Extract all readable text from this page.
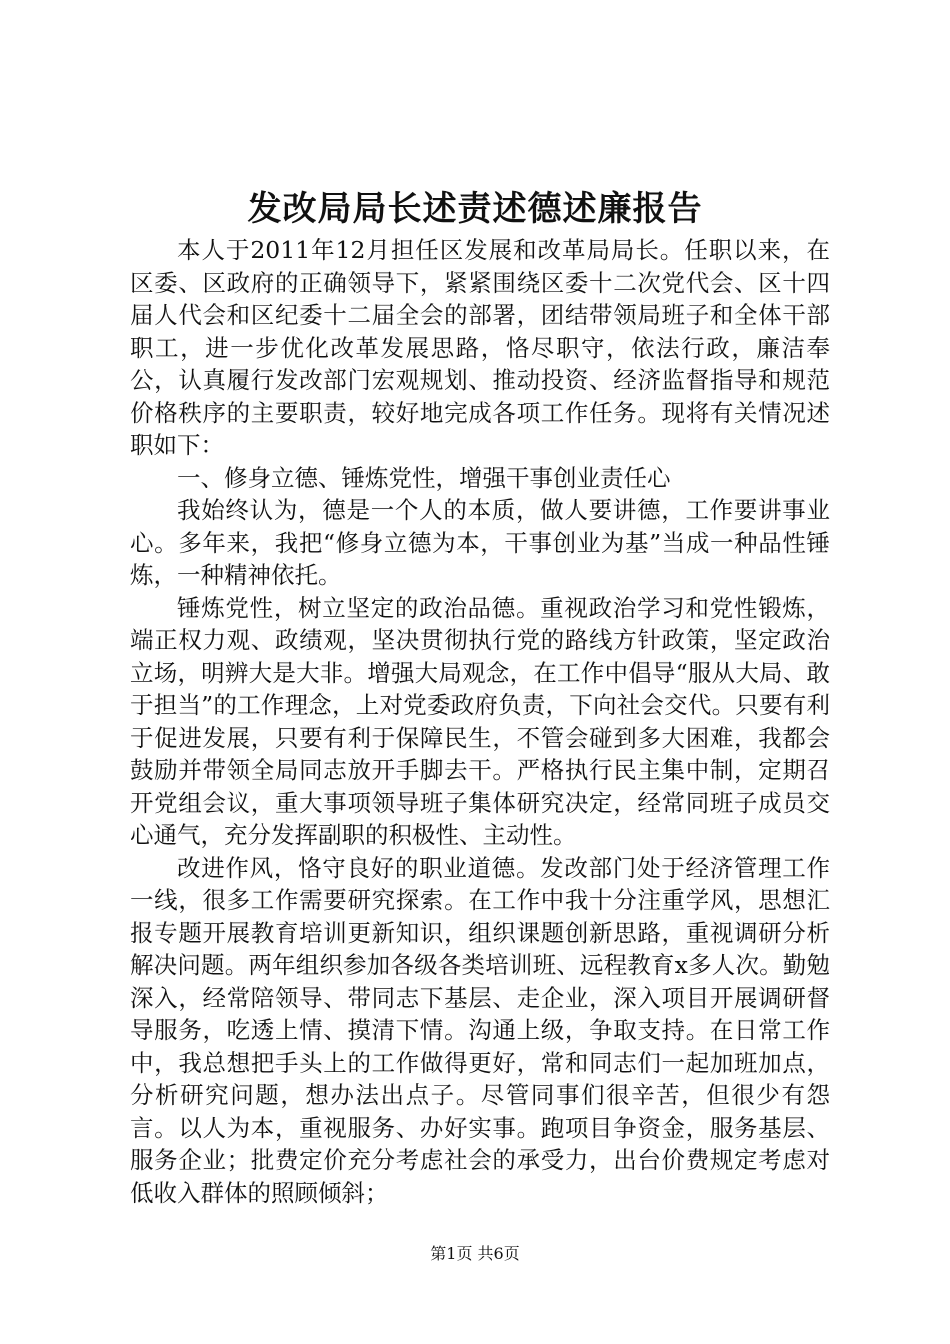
发改局局长述责述德述廉报告

本人于2011年12月担任区发展和改革局局长。任职以来，在区委、区政府的正确领导下，紧紧围绕区委十二次党代会、区十四届人代会和区纪委十二届全会的部署，团结带领局班子和全体干部职工，进一步优化改革发展思路，恪尽职守，依法行政，廉洁奉公，认真履行发改部门宏观规划、推动投资、经济监督指导和规范价格秩序的主要职责，较好地完成各项工作任务。现将有关情况述职如下：

一、修身立德、锤炼党性，增强干事创业责任心

我始终认为，德是一个人的本质，做人要讲德，工作要讲事业心。多年来，我把“修身立德为本，干事创业为基”当成一种品性锤炼，一种精神依托。

锤炼党性，树立坚定的政治品德。重视政治学习和党性锻炼，端正权力观、政绩观，坚决贯彻执行党的路线方针政策，坚定政治立场，明辨大是大非。增强大局观念，在工作中倡导“服从大局、敢于担当”的工作理念，上对党委政府负责，下向社会交代。只要有利于促进发展，只要有利于保障民生，不管会碰到多大困难，我都会鼓励并带领全局同志放开手脚去干。严格执行民主集中制，定期召开党组会议，重大事项领导班子集体研究决定，经常同班子成员交心通气，充分发挥副职的积极性、主动性。

改进作风，恪守良好的职业道德。发改部门处于经济管理工作一线，很多工作需要研究探索。在工作中我十分注重学风，思想汇报专题开展教育培训更新知识，组织课题创新思路，重视调研分析解决问题。两年组织参加各级各类培训班、远程教育x多人次。勤勉深入，经常陪领导、带同志下基层、走企业，深入项目开展调研督导服务，吃透上情、摸清下情。沟通上级，争取支持。在日常工作中，我总想把手头上的工作做得更好，常和同志们一起加班加点，分析研究问题，想办法出点子。尽管同事们很辛苦，但很少有怨言。以人为本，重视服务、办好实事。跑项目争资金，服务基层、服务企业；批费定价充分考虑社会的承受力，出台价费规定考虑对低收入群体的照顾倾斜；

第1页 共6页
